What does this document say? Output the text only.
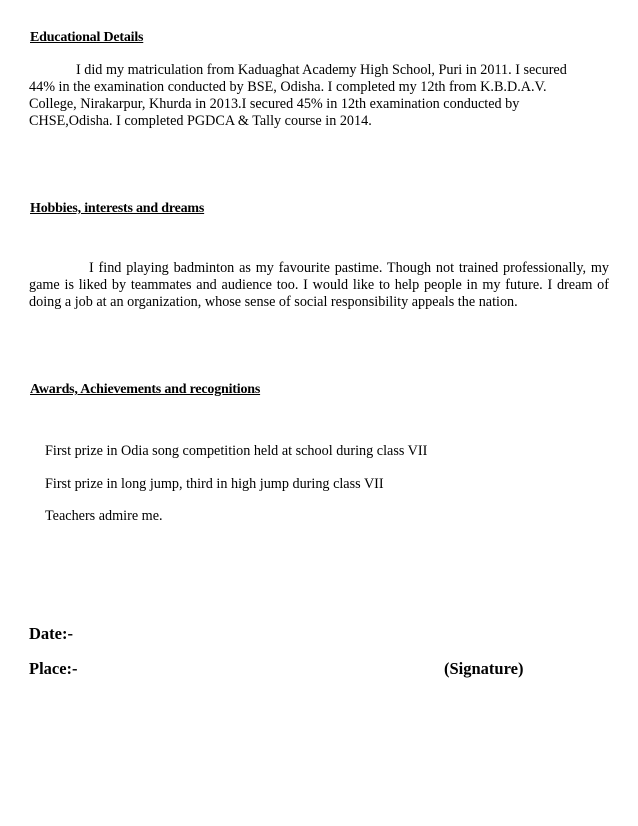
Educational Details
I did my matriculation from Kaduaghat Academy High School, Puri in 2011. I secured
44% in the examination conducted by BSE, Odisha. I completed my 12th from K.B.D.A.V.
College, Nirakarpur, Khurda in 2013.I secured 45% in 12th examination conducted by
CHSE,Odisha. I completed PGDCA & Tally course in 2014.
Hobbies, interests and dreams
I find playing badminton as my favourite pastime. Though not trained professionally, my
game is liked by teammates and audience too. I would like to help people in my future. I dream of
doing a job at an organization, whose sense of social responsibility appeals the nation.
Awards, Achievements and recognitions
First prize in Odia song competition held at school during class VII
First prize in long jump, third in high jump during class VII
Teachers admire me.
Date:-
Place:-	(Signature)
